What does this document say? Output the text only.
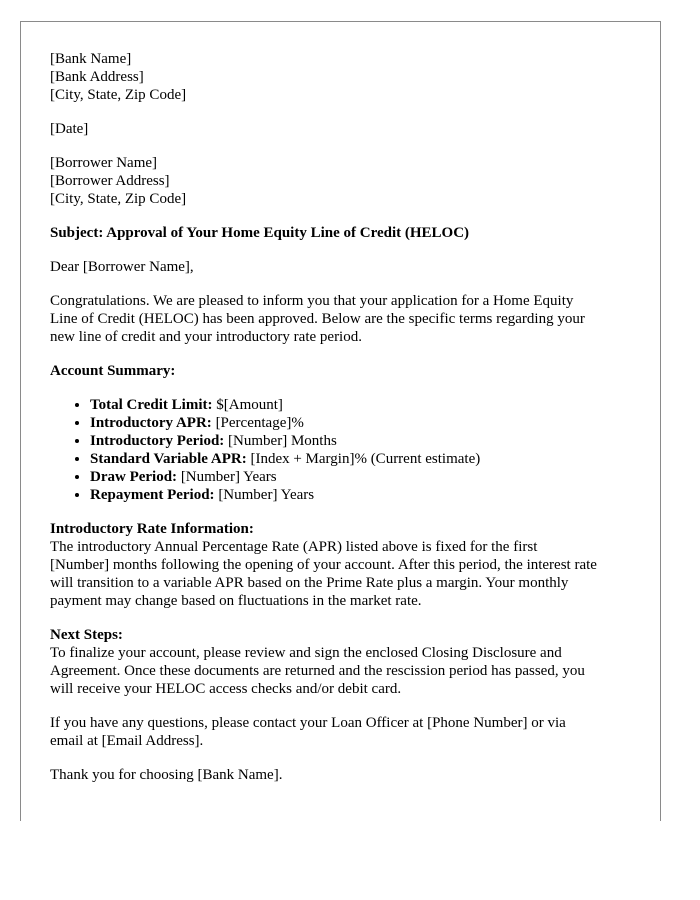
[Bank Name]
[Bank Address]
[City, State, Zip Code]
[Date]
[Borrower Name]
[Borrower Address]
[City, State, Zip Code]

Subject: Approval of Your Home Equity Line of Credit (HELOC)

Dear [Borrower Name],

Congratulations. We are pleased to inform you that your application for a Home Equity
Line of Credit (HELOC) has been approved. Below are the specific terms regarding your
new line of credit and your introductory rate period.

Account Summary:

• Total Credit Limit: $[Amount]
• Introductory APR: [Percentage]%
• Introductory Period: [Number] Months
• Standard Variable APR: [Index + Margin]% (Current estimate)
• Draw Period: [Number] Years
• Repayment Period: [Number] Years
Introductory Rate Information:
The introductory Annual Percentage Rate (APR) listed above is fixed for the first
[Number] months following the opening of your account. After this period, the interest rate
will transition to a variable APR based on the Prime Rate plus a margin. Your monthly
payment may change based on fluctuations in the market rate.
Next Steps:
To finalize your account, please review and sign the enclosed Closing Disclosure and
Agreement. Once these documents are returned and the rescission period has passed, you
will receive your HELOC access checks and/or debit card.
If you have any questions, please contact your Loan Officer at [Phone Number] or via
email at [Email Address].

Thank you for choosing [Bank Name].
